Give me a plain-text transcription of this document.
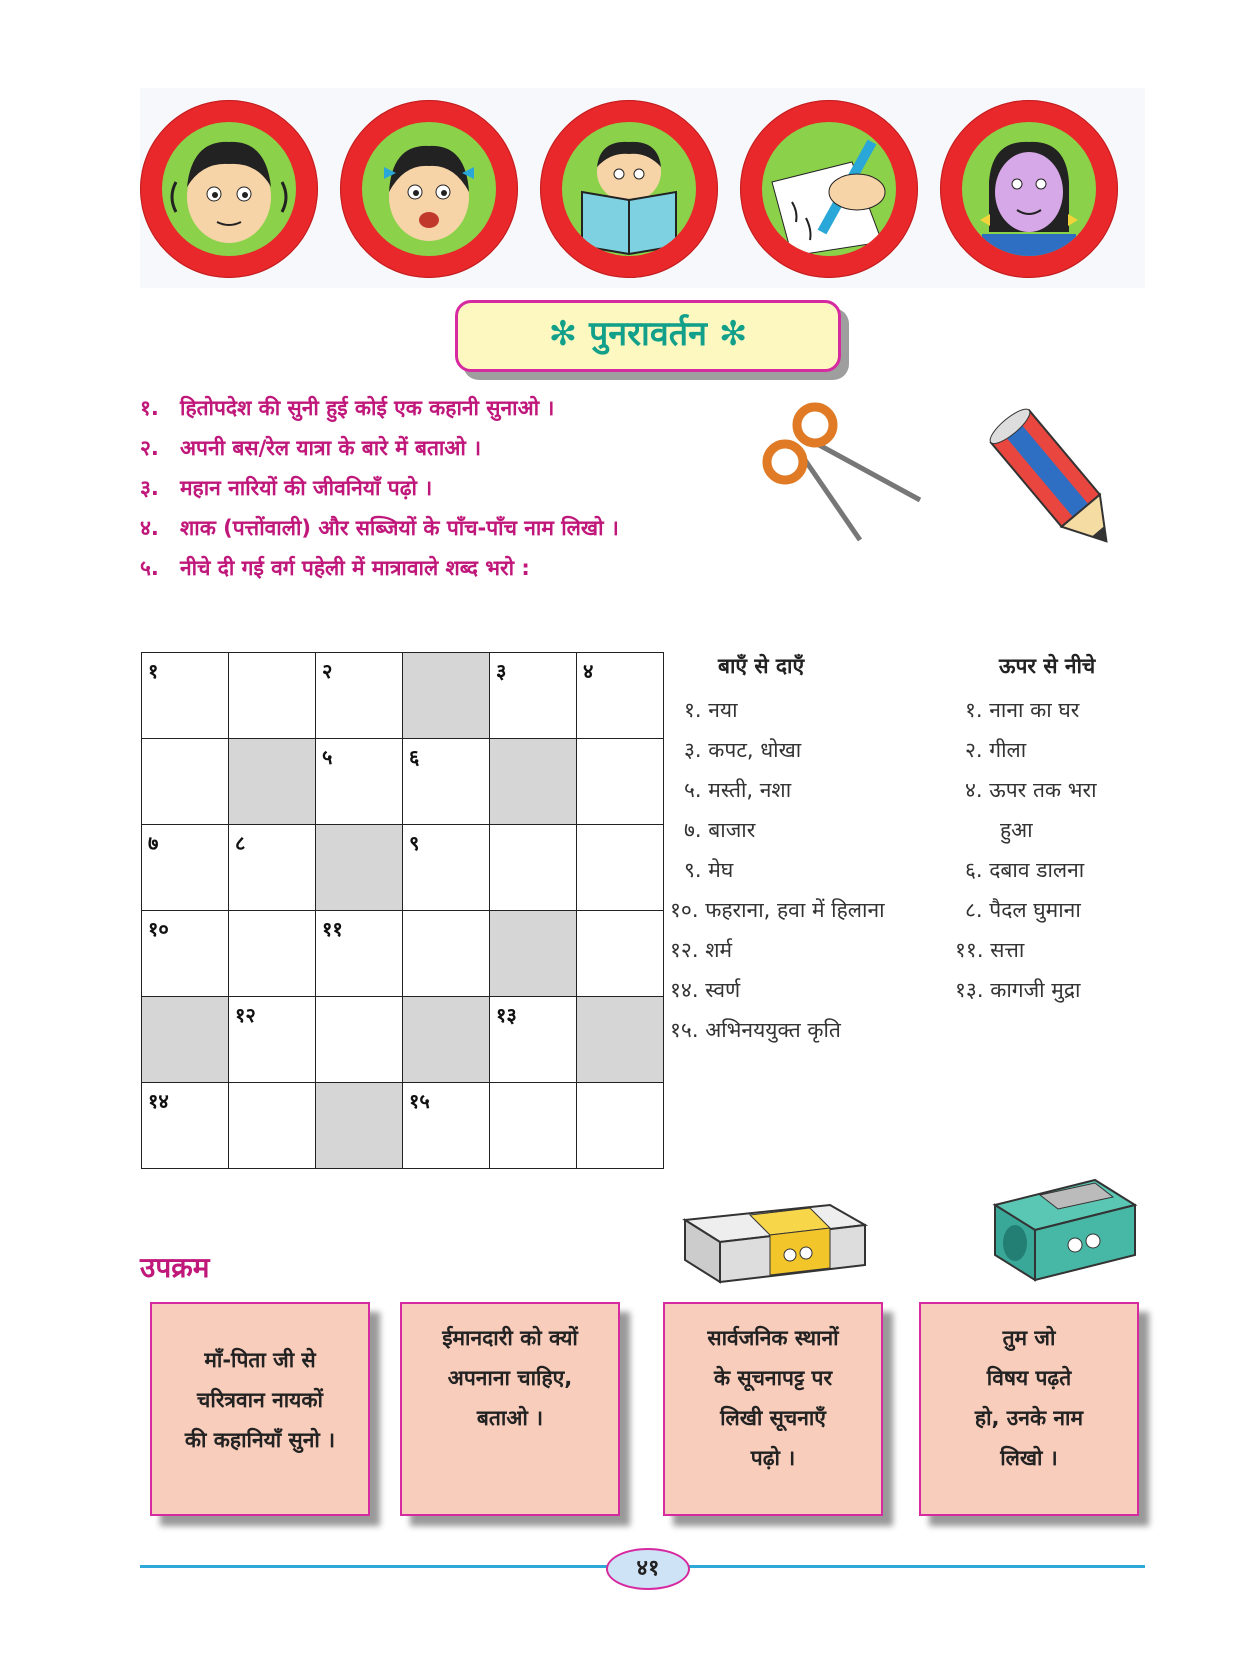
✻ पुनरावर्तन ✻
१. हितोपदेश की सुनी हुई कोई एक कहानी सुनाओ ।
२. अपनी बस/रेल यात्रा के बारे में बताओ ।
३. महान नारियों की जीवनियाँ पढ़ो ।
४. शाक (पत्तोंवाली) और सब्जियों के पाँच-पाँच नाम लिखो ।
५. नीचे दी गई वर्ग पहेली में मात्रावाले शब्द भरो :
१		२		३	४

		५	६		

७	८		९		

१०		११			

	१२			१३	

१४			१५		

बाएँ से दाएँ
१. नया
३. कपट, धोखा
५. मस्ती, नशा
७. बाजार
९. मेघ
१०. फहराना, हवा में हिलाना
१२. शर्म
१४. स्वर्ण
१५. अभिनययुक्त कृति
ऊपर से नीचे
१. नाना का घर
२. गीला
४. ऊपर तक भरा
हुआ
६. दबाव डालना
८. पैदल घुमाना
११. सत्ता
१३. कागजी मुद्रा
उपक्रम
माँ-पिता जी से
चरित्रवान नायकों
की कहानियाँ सुनो ।
ईमानदारी को क्यों
अपनाना चाहिए,
बताओ ।
सार्वजनिक स्थानों
के सूचनापट्ट पर
लिखी सूचनाएँ
पढ़ो ।
तुम जो
विषय पढ़ते
हो, उनके नाम
लिखो ।
४१
